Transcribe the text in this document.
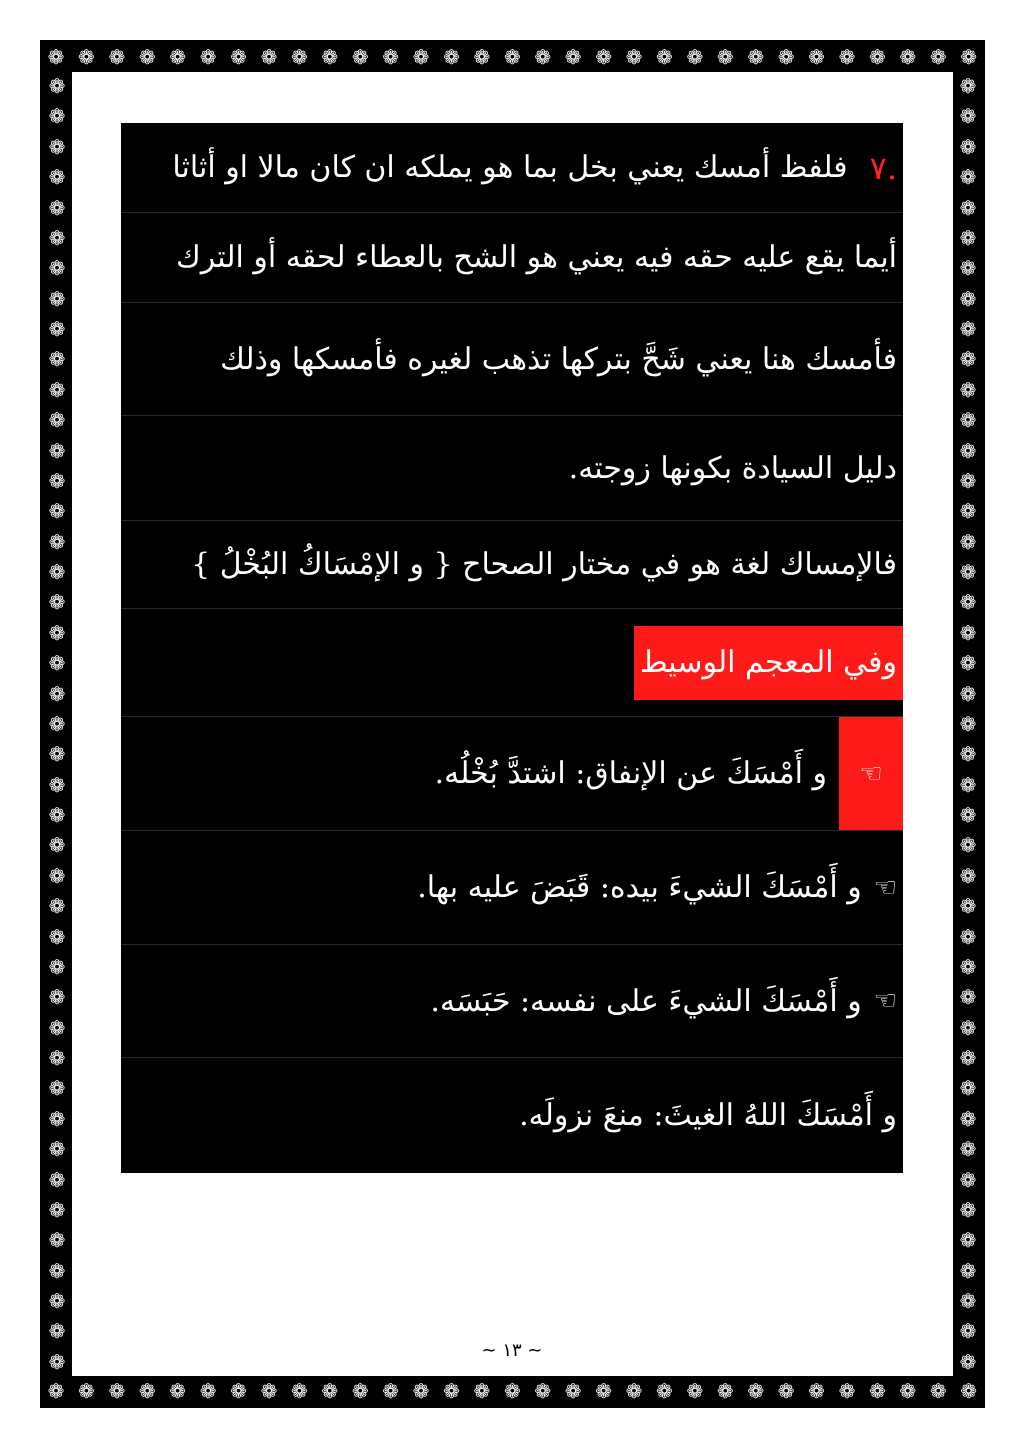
❁ ❁ ❁ ❁ ❁ ❁ ❁ ❁ ❁ ❁ ❁ ❁ ❁ ❁ ❁ ❁ ❁ ❁ ❁ ❁ ❁ ❁ ❁ ❁ ❁ ❁ ❁ ❁ ❁ ❁ ❁
❁ ❁ ❁ ❁ ❁ ❁ ❁ ❁ ❁ ❁ ❁ ❁ ❁ ❁ ❁ ❁ ❁ ❁ ❁ ❁ ❁ ❁ ❁ ❁ ❁ ❁ ❁ ❁ ❁ ❁ ❁
❁
❁
❁
❁
❁
❁
❁
❁
❁
❁
❁
❁
❁
❁
❁
❁
❁
❁
❁
❁
❁
❁
❁
❁
❁
❁
❁
❁
❁
❁
❁
❁
❁
❁
❁
❁
❁
❁
❁
❁
❁
❁
❁
❁
❁
❁
❁
❁
❁
❁
❁
❁
❁
❁
❁
❁
❁
❁
❁
❁
❁
❁
❁
❁
❁
❁
❁
❁
❁
❁
❁
❁
❁
❁
❁
❁
❁
❁
❁
❁
❁
❁
❁
❁
❁
❁
.٧
فلفظ أمسك يعني بخل بما هو يملكه ان كان مالا او أثاثا
أيما يقع عليه حقه فيه يعني هو الشح بالعطاء لحقه أو الترك
فأمسك هنا يعني شَحَّ بتركها تذهب لغيره فأمسكها وذلك
دليل السيادة بكونها زوجته.
فالإمساك لغة هو في مختار الصحاح { و الإمْسَاكُ البُخْلُ }
وفي المعجم الوسيط
☜
و أَمْسَكَ عن الإنفاق: اشتدَّ بُخْلُه.
☜
و أَمْسَكَ الشيءَ بيده: قَبَضَ عليه بها.
☜
و أَمْسَكَ الشيءَ على نفسه: حَبَسَه.
و أَمْسَكَ اللهُ الغيثَ: منعَ نزولَه.
~ ١٣ ~
